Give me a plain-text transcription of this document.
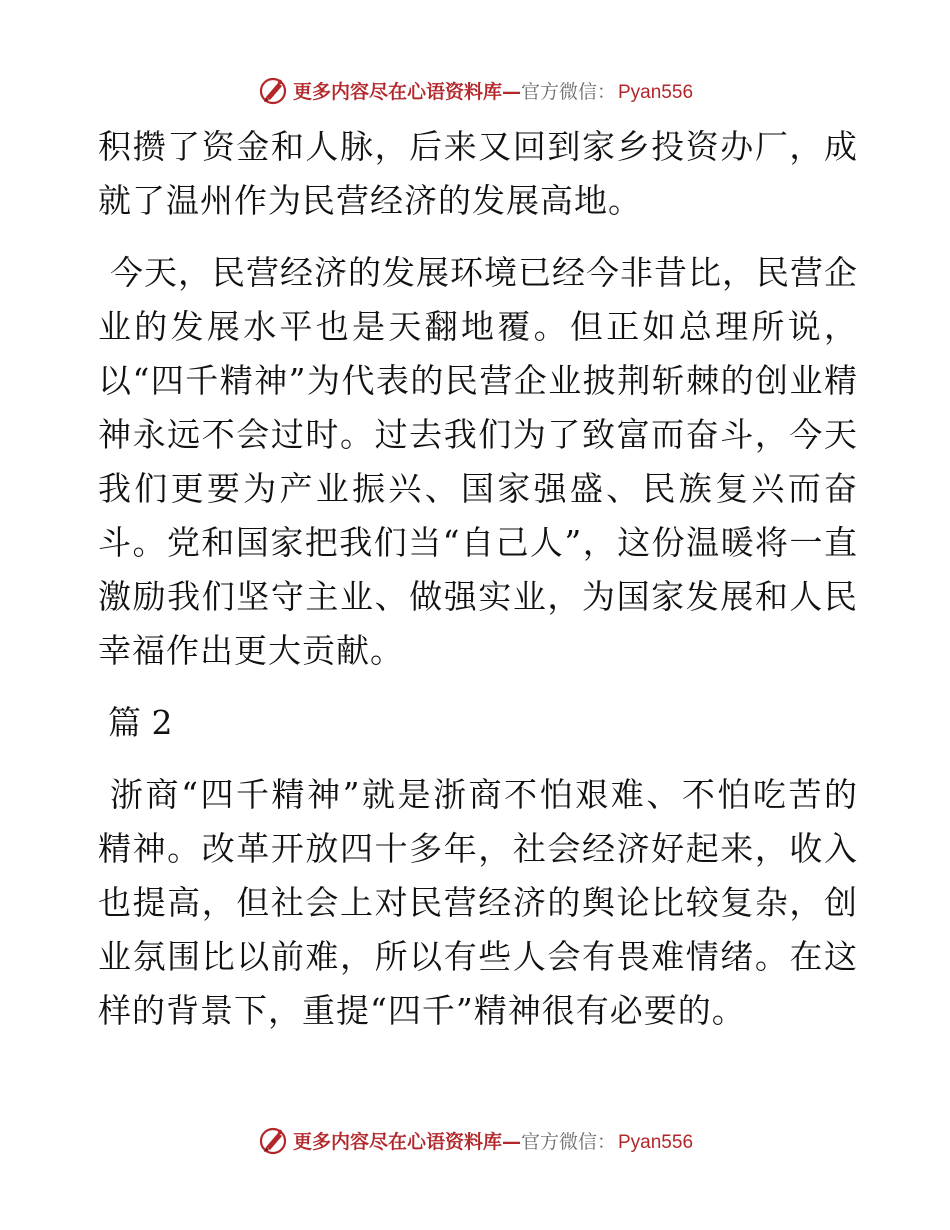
更多内容尽在心语资料库— 官方微信： Pyan556

积攒了资金和人脉，后来又回到家乡投资办厂，成就了温州作为民营经济的发展高地。

今天，民营经济的发展环境已经今非昔比，民营企业的发展水平也是天翻地覆。但正如总理所说，以“四千精神”为代表的民营企业披荆斩棘的创业精神永远不会过时。过去我们为了致富而奋斗，今天我们更要为产业振兴、国家强盛、民族复兴而奋斗。党和国家把我们当“自己人”，这份温暖将一直激励我们坚守主业、做强实业，为国家发展和人民幸福作出更大贡献。

篇 2

浙商“四千精神”就是浙商不怕艰难、不怕吃苦的精神。改革开放四十多年，社会经济好起来，收入也提高，但社会上对民营经济的舆论比较复杂，创业氛围比以前难，所以有些人会有畏难情绪。在这样的背景下，重提“四千”精神很有必要的。

更多内容尽在心语资料库— 官方微信： Pyan556
